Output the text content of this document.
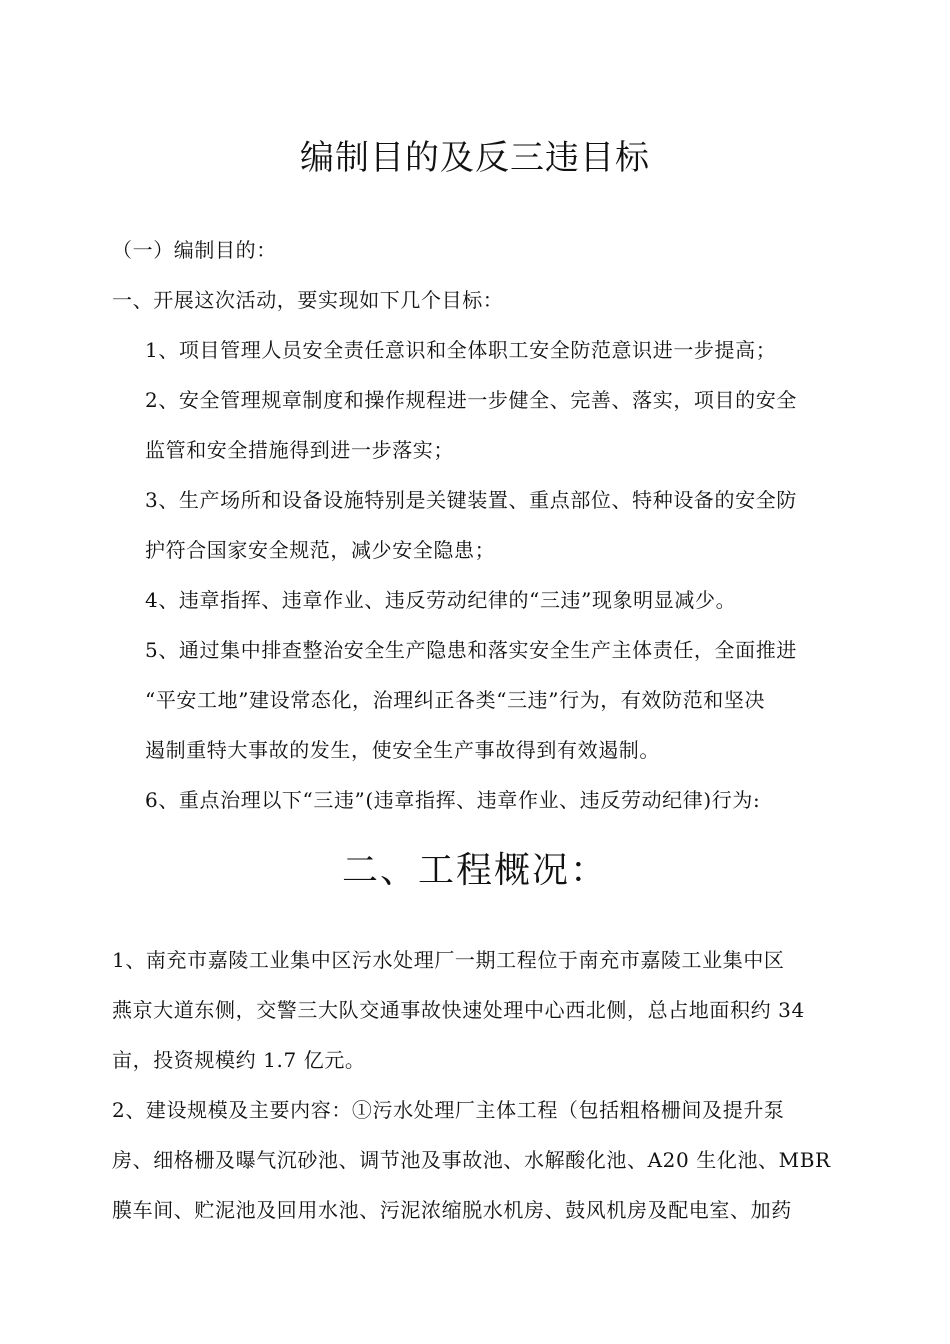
编制目的及反三违目标
（一）编制目的：
一、开展这次活动，要实现如下几个目标：
1、项目管理人员安全责任意识和全体职工安全防范意识进一步提高；
2、安全管理规章制度和操作规程进一步健全、完善、落实，项目的安全
监管和安全措施得到进一步落实；
3、生产场所和设备设施特别是关键装置、重点部位、特种设备的安全防
护符合国家安全规范，减少安全隐患；
4、违章指挥、违章作业、违反劳动纪律的“三违”现象明显减少。
5、通过集中排查整治安全生产隐患和落实安全生产主体责任，全面推进
“平安工地”建设常态化，治理纠正各类“三违”行为，有效防范和坚决
遏制重特大事故的发生，使安全生产事故得到有效遏制。
6、重点治理以下“三违”(违章指挥、违章作业、违反劳动纪律)行为:
二、工程概况：
1、南充市嘉陵工业集中区污水处理厂一期工程位于南充市嘉陵工业集中区
燕京大道东侧，交警三大队交通事故快速处理中心西北侧，总占地面积约 34
亩，投资规模约 1.7 亿元。
2、建设规模及主要内容：①污水处理厂主体工程（包括粗格栅间及提升泵
房、细格栅及曝气沉砂池、调节池及事故池、水解酸化池、A20 生化池、MBR
膜车间、贮泥池及回用水池、污泥浓缩脱水机房、鼓风机房及配电室、加药
